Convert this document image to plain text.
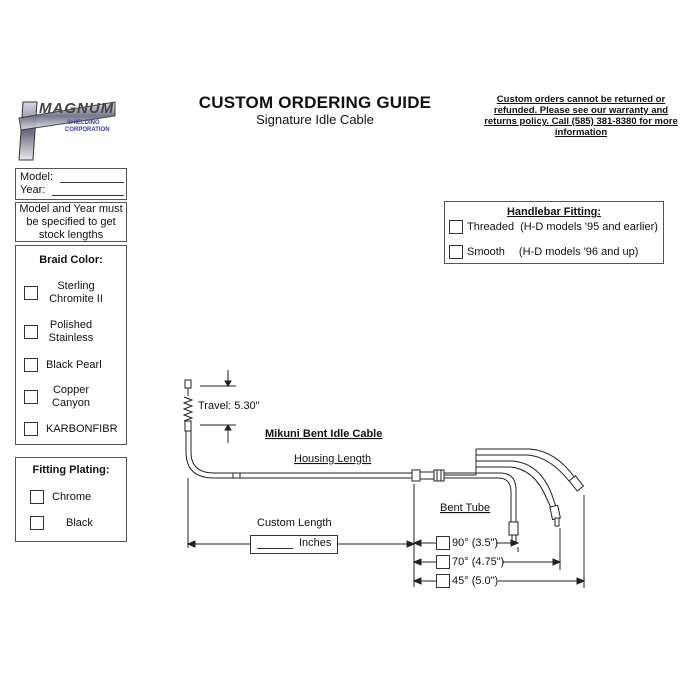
MAGNUM
SHIELDING
CORPORATION
CUSTOM ORDERING GUIDE
Signature Idle Cable
Custom orders cannot be returned or refunded. Please see our warranty and returns policy. Call (585) 381-8380 for more information
Model:
Year:
Model and Year must be specified to get stock lengths
Braid Color:
Sterling Chromite II
Polished Stainless
Black Pearl
Copper Canyon
KARBONFIBR
Fitting Plating:
Chrome
Black
Handlebar Fitting:
Threaded (H-D models '95 and earlier)
Smooth (H-D models '96 and up)
Travel: 5.30"
Mikuni Bent Idle Cable
Housing Length
Custom Length
Bent Tube
Inches	90° (3.5")
70° (4.75")
45° (5.0")
